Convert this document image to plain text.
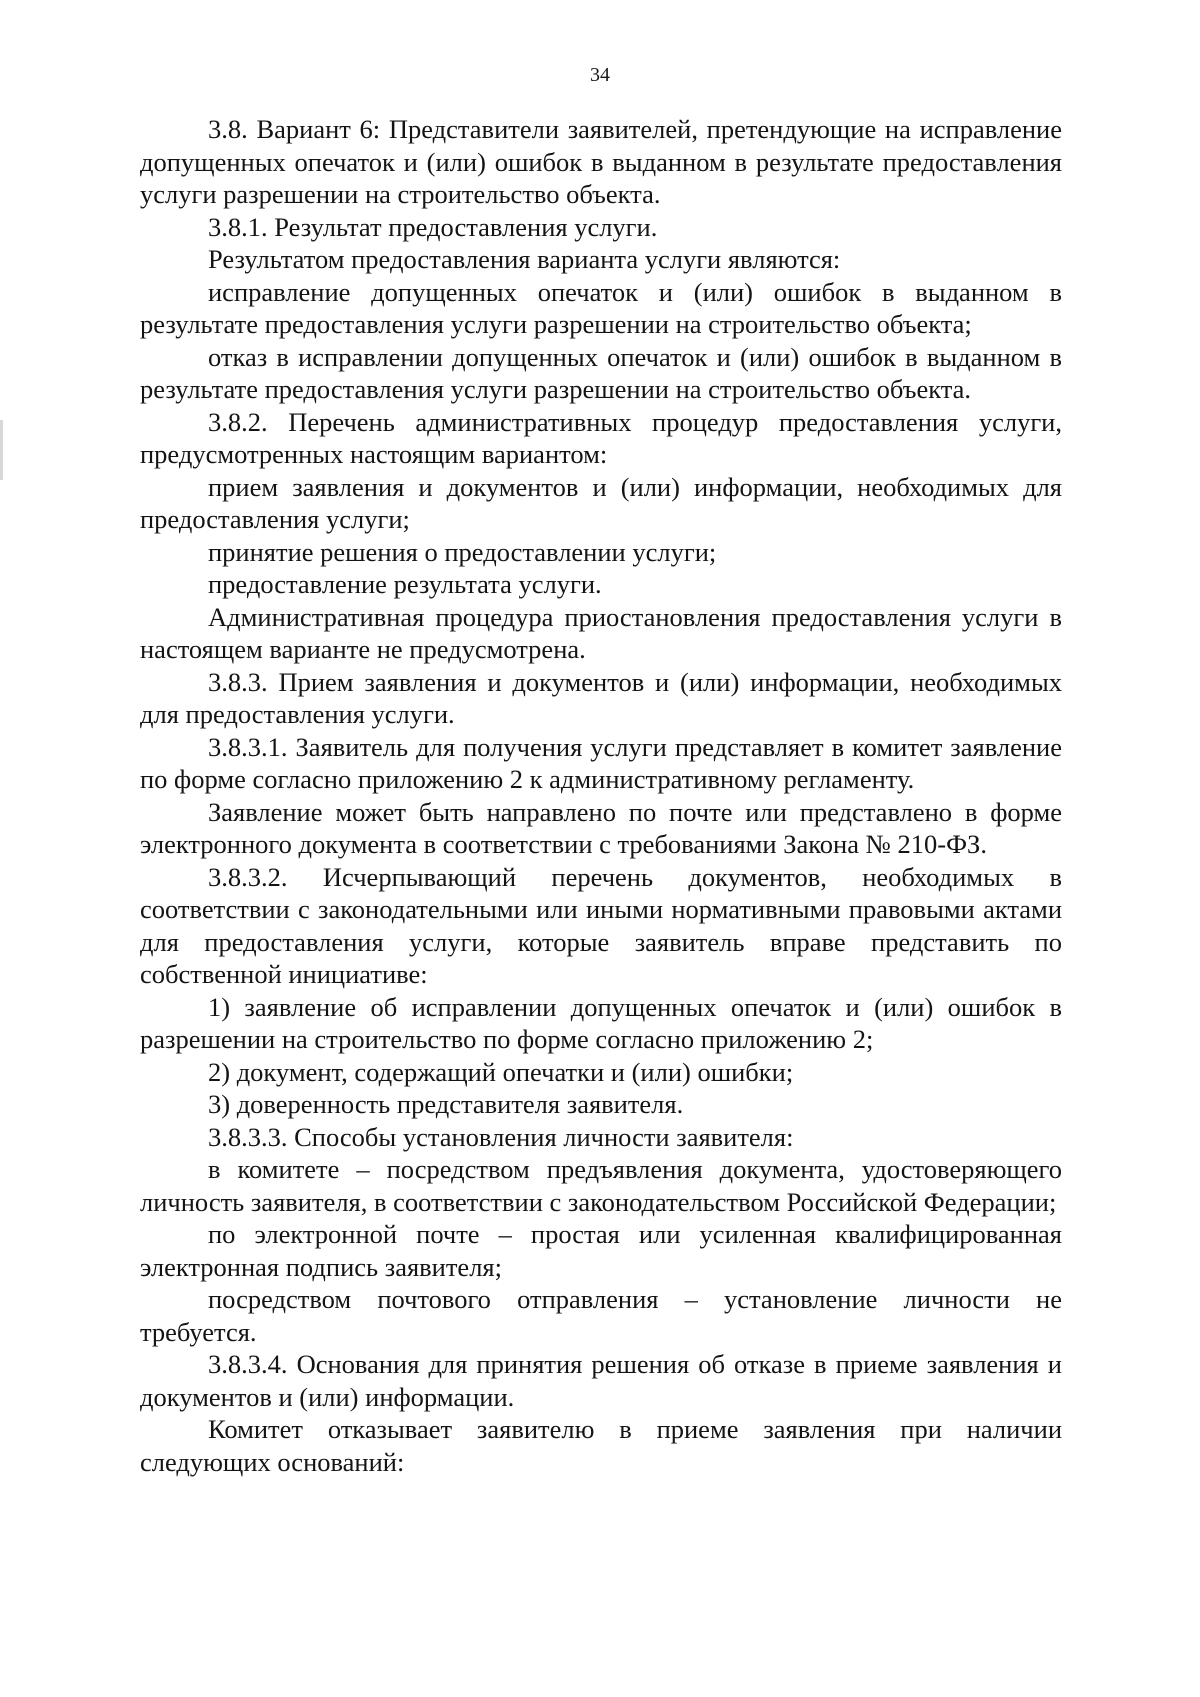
34

3.8. Вариант 6: Представители заявителей, претендующие на исправление допущенных опечаток и (или) ошибок в выданном в результате предоставления услуги разрешении на строительство объекта.

3.8.1. Результат предоставления услуги.

Результатом предоставления варианта услуги являются:

исправление допущенных опечаток и (или) ошибок в выданном в результате предоставления услуги разрешении на строительство объекта;

отказ в исправлении допущенных опечаток и (или) ошибок в выданном в результате предоставления услуги разрешении на строительство объекта.

3.8.2. Перечень административных процедур предоставления услуги, предусмотренных настоящим вариантом:

прием заявления и документов и (или) информации, необходимых для предоставления услуги;

принятие решения о предоставлении услуги;

предоставление результата услуги.

Административная процедура приостановления предоставления услуги в настоящем варианте не предусмотрена.

3.8.3. Прием заявления и документов и (или) информации, необходимых для предоставления услуги.

3.8.3.1. Заявитель для получения услуги представляет в комитет заявление по форме согласно приложению 2 к административному регламенту.

Заявление может быть направлено по почте или представлено в форме электронного документа в соответствии с требованиями Закона № 210-ФЗ.

3.8.3.2. Исчерпывающий перечень документов, необходимых в соответствии с законодательными или иными нормативными правовыми актами для предоставления услуги, которые заявитель вправе представить по собственной инициативе:

1) заявление об исправлении допущенных опечаток и (или) ошибок в разрешении на строительство по форме согласно приложению 2;

2) документ, содержащий опечатки и (или) ошибки;

3) доверенность представителя заявителя.

3.8.3.3. Способы установления личности заявителя:

в комитете – посредством предъявления документа, удостоверяющего личность заявителя, в соответствии с законодательством Российской Федерации;

по электронной почте – простая или усиленная квалифицированная электронная подпись заявителя;

посредством почтового отправления – установление личности не требуется.

3.8.3.4. Основания для принятия решения об отказе в приеме заявления и документов и (или) информации.

Комитет отказывает заявителю в приеме заявления при наличии следующих оснований:
